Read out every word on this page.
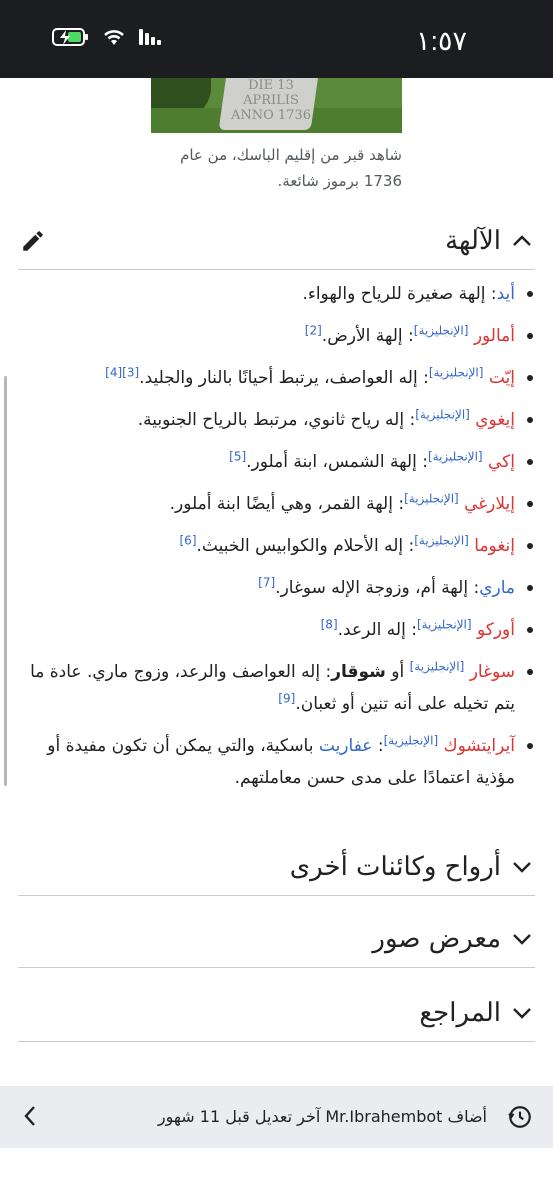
١:٥٧
DIE 13
APRILIS
ANNO 1736
شاهد قبر من إقليم الباسك، من عام 1736 برموز شائعة.
الآلهة
أيد: إلهة صغيرة للرياح والهواء.
أمالور [الإنجليزية]: إلهة الأرض.[2]
إيّت [الإنجليزية]: إله العواصف، يرتبط أحيانًا بالنار والجليد.[3][4]
إيغوي [الإنجليزية]: إله رياح ثانوي، مرتبط بالرياح الجنوبية.
إكي [الإنجليزية]: إلهة الشمس، ابنة أملور.[5]
إيلارغي [الإنجليزية]: إلهة القمر، وهي أيضًا ابنة أملور.
إنغوما [الإنجليزية]: إله الأحلام والكوابيس الخبيث.[6]
ماري: إلهة أم، وزوجة الإله سوغار.[7]
أوركو [الإنجليزية]: إله الرعد.[8]
سوغار [الإنجليزية] أو شوقار: إله العواصف والرعد، وزوج ماري. عادة ما يتم تخيله على أنه تنين أو ثعبان.[9]
آيرايتشوك [الإنجليزية]: عفاريت باسكية، والتي يمكن أن تكون مفيدة أو مؤذية اعتمادًا على مدى حسن معاملتهم.
أرواح وكائنات أخرى
معرض صور
المراجع
أضاف Mr.Ibrahembot آخر تعديل قبل 11 شهور
